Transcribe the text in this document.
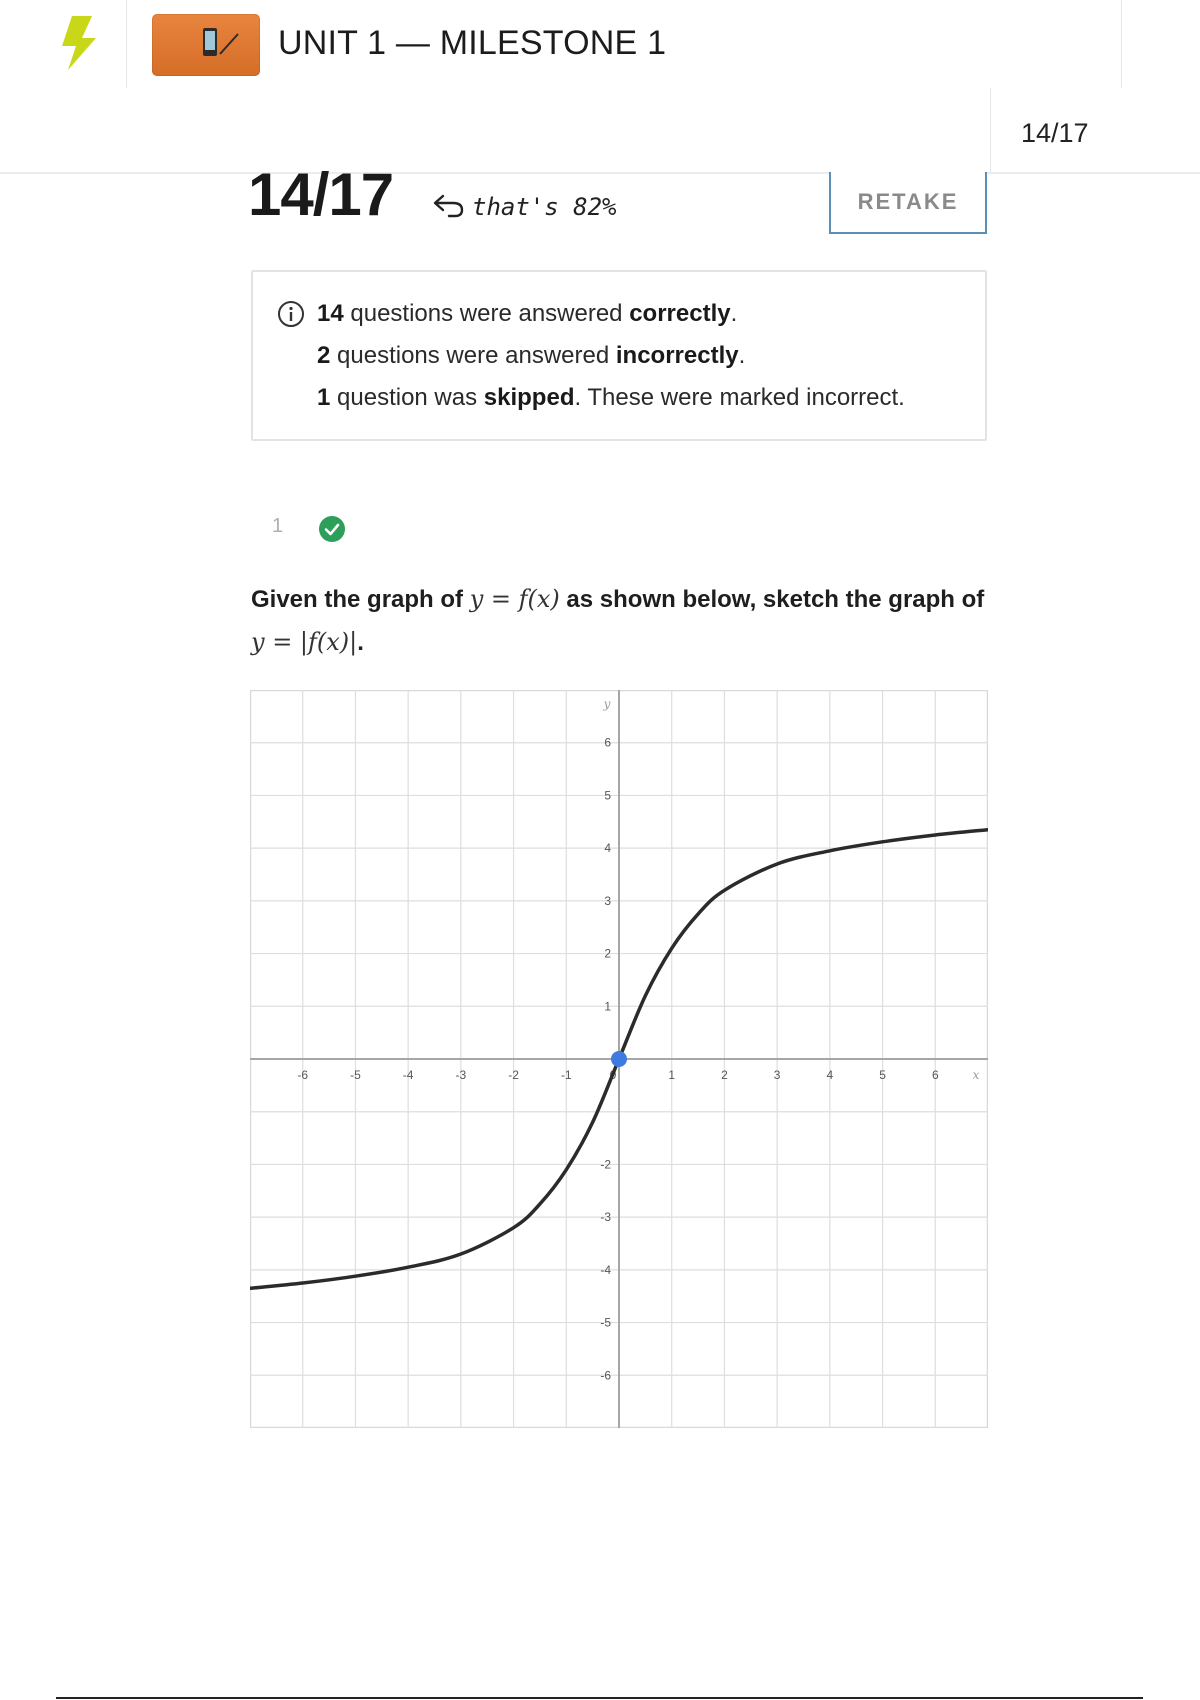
UNIT 1 — MILESTONE 1
14/17
14/17	that's 82%	RETAKE
14 questions were answered correctly.
2 questions were answered incorrectly.
1 question was skipped. These were marked incorrect.
1
Given the graph of y = f(x) as shown below, sketch the graph of y = |f(x)|.
-6	-5	-4	-3	-2	-1	0	1	2	3	4	5	6
-6
-5
-4
-3
-2
1
2
3
4
5
6
x
y
